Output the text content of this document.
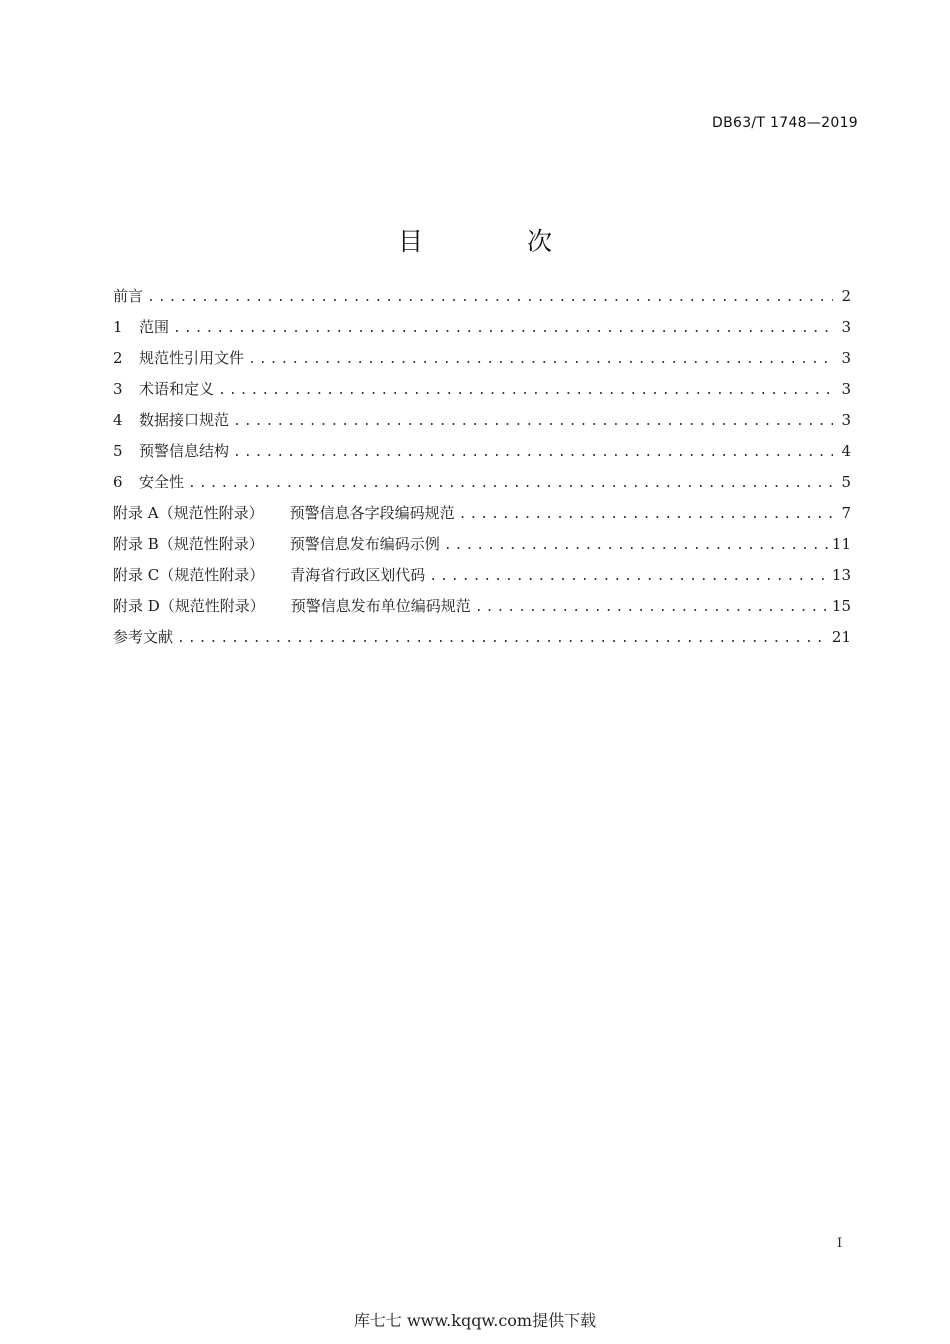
DB63/T 1748—2019
目 次
前言 .....	2
1	范围 .....	3
2	规范性引用文件 .....	3
3	术语和定义 .....	3
4	数据接口规范 .....	3
5	预警信息结构 .....	4
6	安全性 .....	5
附录 A（规范性附录） 预警信息各字段编码规范 .....	7
附录 B（规范性附录） 预警信息发布编码示例 .....	11
附录 C（规范性附录） 青海省行政区划代码 .....	13
附录 D（规范性附录） 预警信息发布单位编码规范 .....	15
参考文献 .....	21
I
库七七 www.kqqw.com提供下载
